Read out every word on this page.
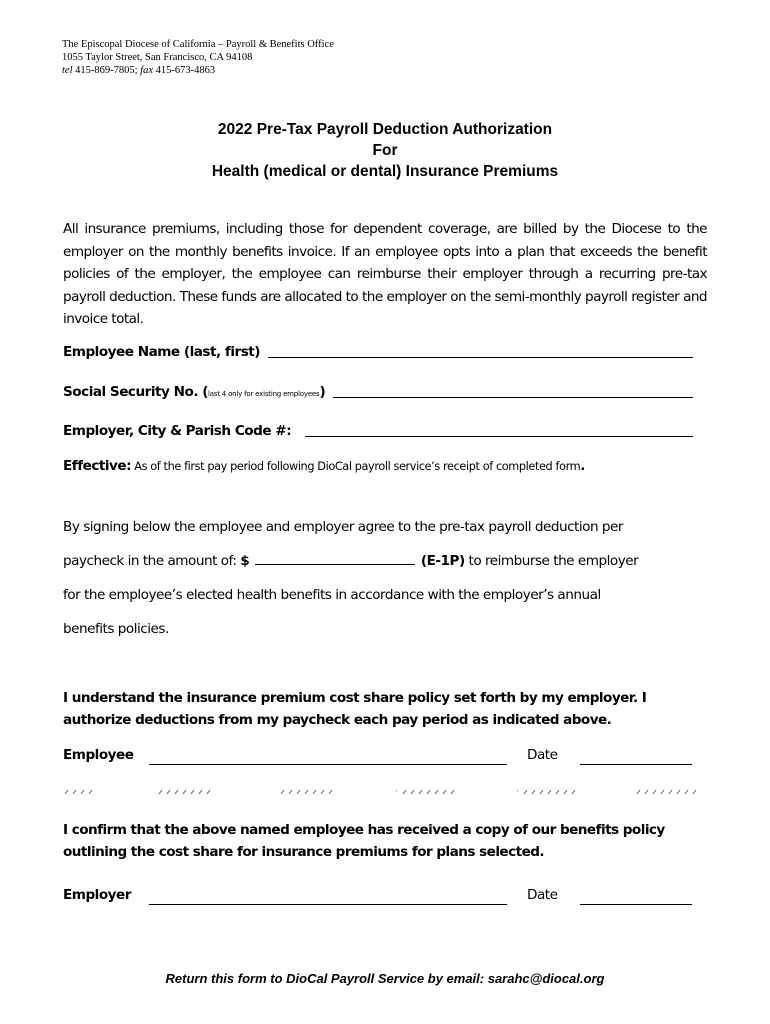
The Episcopal Diocese of California – Payroll & Benefits Office
1055 Taylor Street, San Francisco, CA 94108
tel 415-869-7805; fax 415-673-4863
2022 Pre-Tax Payroll Deduction Authorization
For
Health (medical or dental) Insurance Premiums
All insurance premiums, including those for dependent coverage, are billed by the Diocese to the employer on the monthly benefits invoice. If an employee opts into a plan that exceeds the benefit policies of the employer, the employee can reimburse their employer through a recurring pre-tax payroll deduction. These funds are allocated to the employer on the semi-monthly payroll register and invoice total.
Employee Name (last, first)
Social Security No. (last 4 only for existing employees)
Employer, City & Parish Code #:
Effective: As of the first pay period following DioCal payroll service’s receipt of completed form.
By signing below the employee and employer agree to the pre-tax payroll deduction per
paycheck in the amount of: $	(E-1P) to reimburse the employer
for the employee’s elected health benefits in accordance with the employer’s annual
benefits policies.
I understand the insurance premium cost share policy set forth by my employer. I
authorize deductions from my paycheck each pay period as indicated above.
Employee	Date
I confirm that the above named employee has received a copy of our benefits policy
outlining the cost share for insurance premiums for plans selected.
Employer	Date
Return this form to DioCal Payroll Service by email: sarahc@diocal.org
